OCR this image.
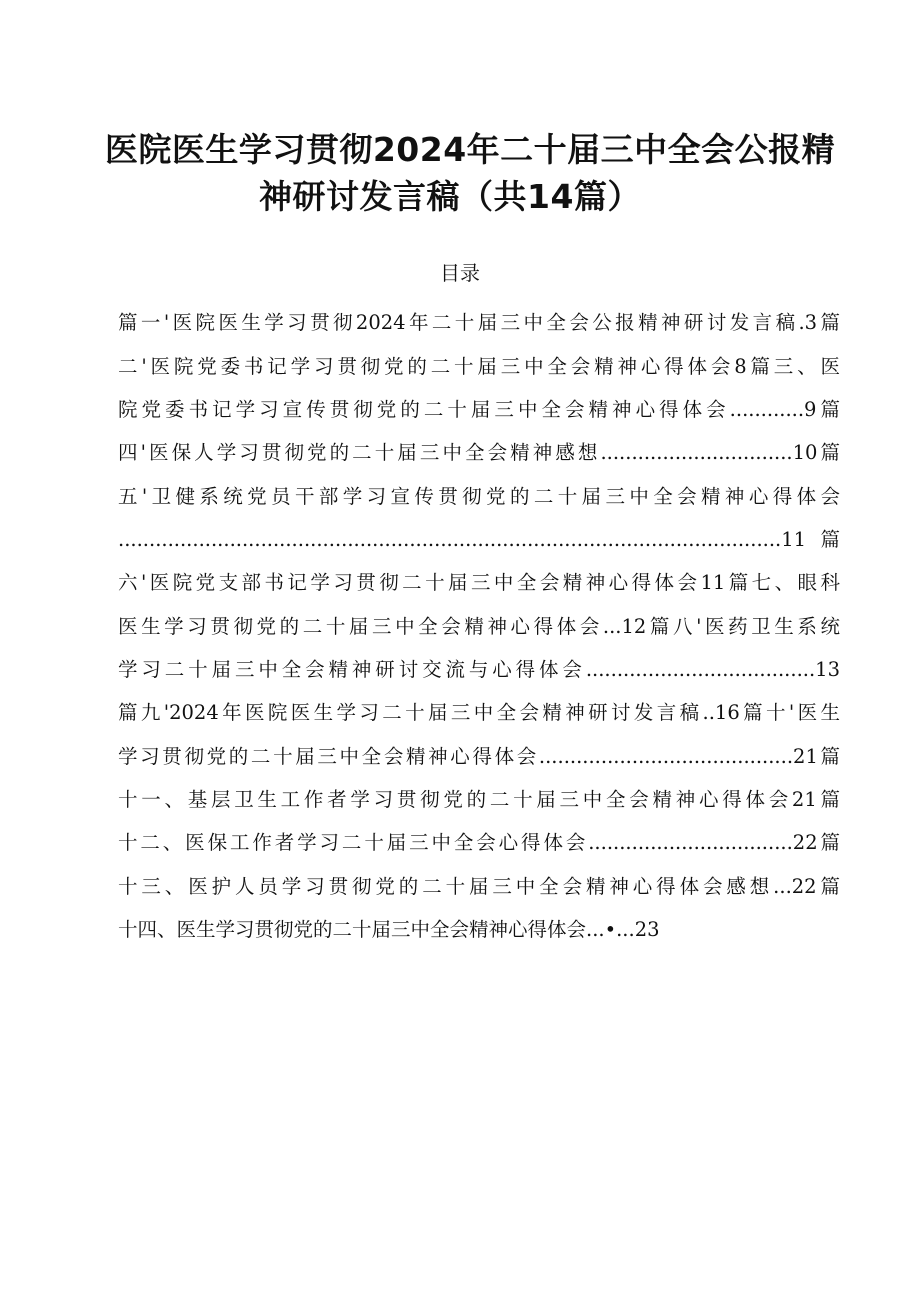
医院医生学习贯彻2024年二十届三中全会公报精
神研讨发言稿（共14篇）
目录
篇一'医院医生学习贯彻2024年二十届三中全会公报精神研讨发言稿.3篇
二'医院党委书记学习贯彻党的二十届三中全会精神心得体会8篇三、医
院党委书记学习宣传贯彻党的二十届三中全会精神心得体会............9篇
四'医保人学习贯彻党的二十届三中全会精神感想...............................10篇
五'卫健系统党员干部学习宣传贯彻党的二十届三中全会精神心得体会
...........................................................................................................11篇
六'医院党支部书记学习贯彻二十届三中全会精神心得体会11篇七、眼科
医生学习贯彻党的二十届三中全会精神心得体会...12篇八'医药卫生系统
学习二十届三中全会精神研讨交流与心得体会.....................................13
篇九'2024年医院医生学习二十届三中全会精神研讨发言稿..16篇十'医生
学习贯彻党的二十届三中全会精神心得体会.........................................21篇
十一、基层卫生工作者学习贯彻党的二十届三中全会精神心得体会21篇
十二、医保工作者学习二十届三中全会心得体会.................................22篇
十三、医护人员学习贯彻党的二十届三中全会精神心得体会感想...22篇
十四、医生学习贯彻党的二十届三中全会精神心得体会...•...23
